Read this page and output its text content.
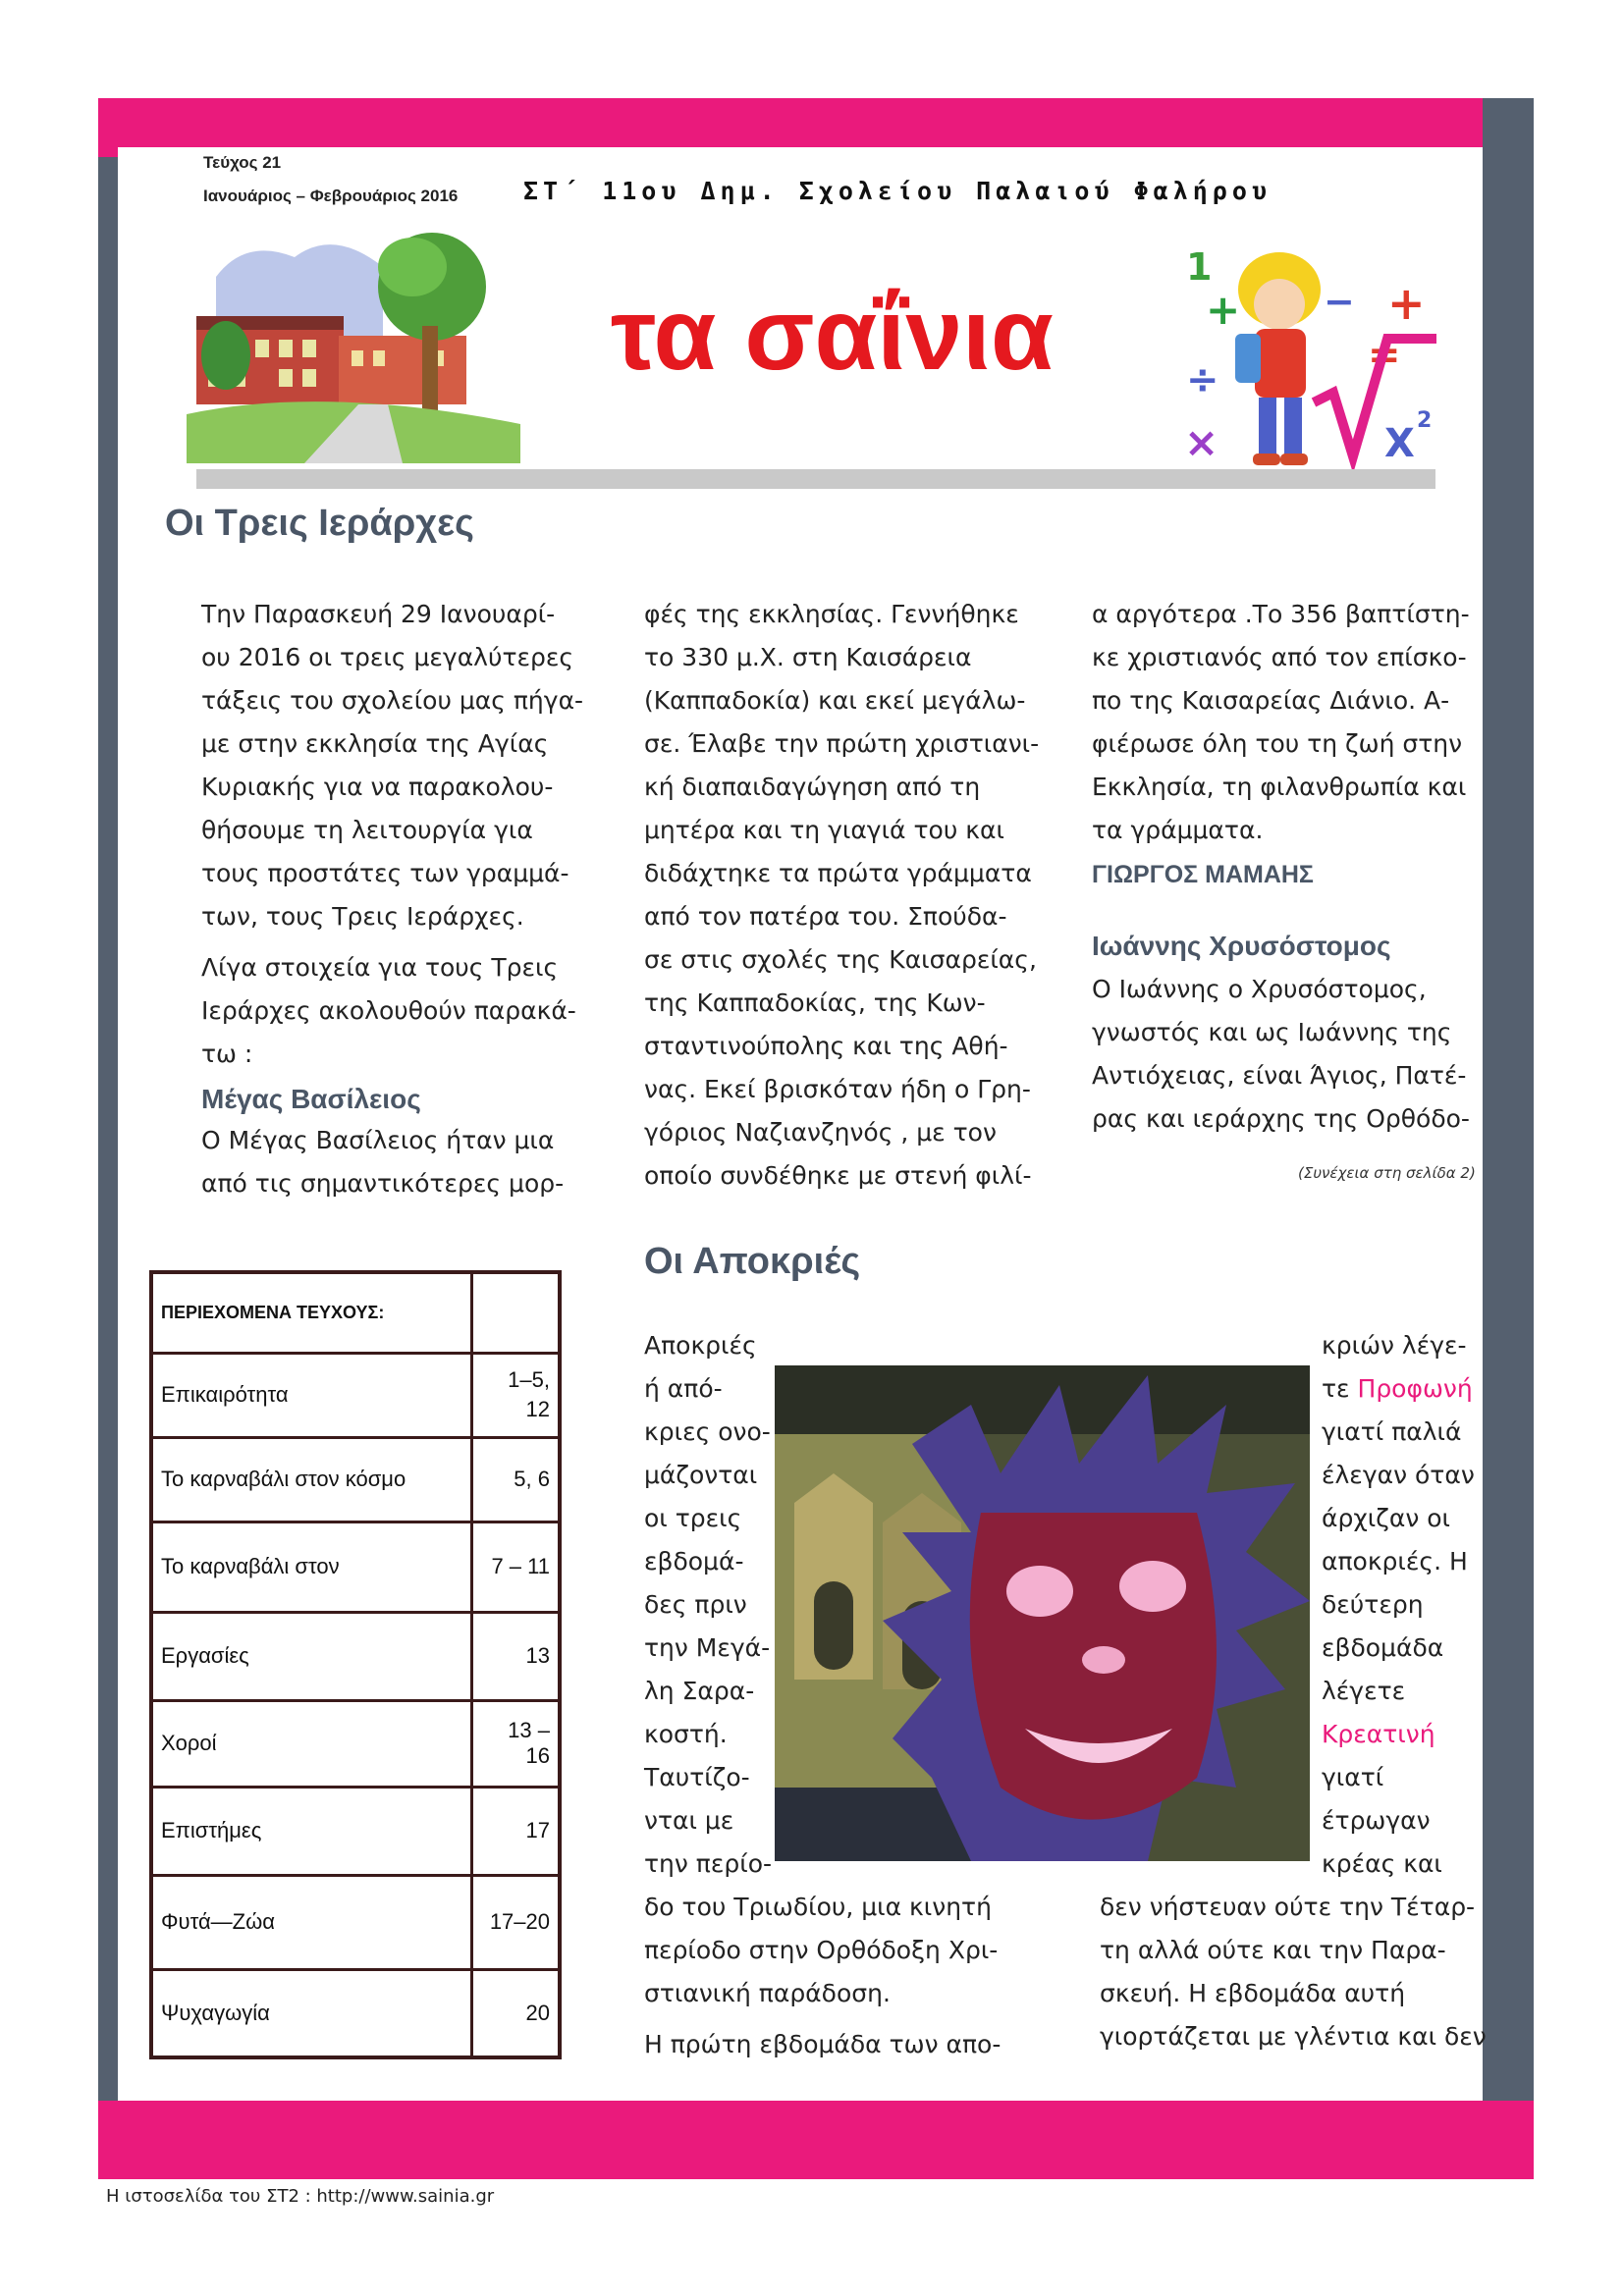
Τεύχος 21
Ιανουάριος – Φεβρουάριος 2016	ΣΤ΄ 11ου Δημ. Σχολείου Παλαιού Φαλήρου
τα σαΐνια
1
+
÷
×
+
=
−
X
2
Οι Τρεις Ιεράρχες
Την Παρασκευή 29 Ιανουαρί-
ου 2016 οι τρεις μεγαλύτερες
τάξεις του σχολείου μας πήγα-
με στην εκκλησία της Αγίας
Κυριακής για να παρακολου-
θήσουμε τη λειτουργία για
τους προστάτες των γραμμά-
των, τους Τρεις Ιεράρχες.
Λίγα στοιχεία για τους Τρεις
Ιεράρχες ακολουθούν παρακά-
τω :
Μέγας Βασίλειος
Ο Μέγας Βασίλειος ήταν μια
από τις σημαντικότερες μορ-
φές της εκκλησίας. Γεννήθηκε
το 330 μ.Χ. στη Καισάρεια
(Καππαδοκία) και εκεί μεγάλω-
σε. Έλαβε την πρώτη χριστιανι-
κή διαπαιδαγώγηση από τη
μητέρα και τη γιαγιά του και
διδάχτηκε τα πρώτα γράμματα
από τον πατέρα του. Σπούδα-
σε στις σχολές της Καισαρείας,
της Καππαδοκίας, της Κων-
σταντινούπολης και της Αθή-
νας. Εκεί βρισκόταν ήδη ο Γρη-
γόριος Ναζιανζηνός , με τον
οποίο συνδέθηκε με στενή φιλί-
α αργότερα .Το 356 βαπτίστη-
κε χριστιανός από τον επίσκο-
πο της Καισαρείας Διάνιο. Α-
φιέρωσε όλη του τη ζωή στην
Εκκλησία, τη φιλανθρωπία και
τα γράμματα.
ΓΙΩΡΓΟΣ ΜΑΜΑΗΣ
Ιωάννης Χρυσόστομος
Ο Ιωάννης ο Χρυσόστομος,
γνωστός και ως Ιωάννης της
Αντιόχειας, είναι Άγιος, Πατέ-
ρας και ιεράρχης της Ορθόδο-
(Συνέχεια στη σελίδα 2)
ΠΕΡΙΕΧΟΜΕΝΑ ΤΕΥΧΟΥΣ:	
Επικαιρότητα	1–5,
12
Το καρναβάλι στον κόσμο	5, 6
Το καρναβάλι στον	7 – 11
Εργασίες	13
Χοροί	13 – 16
Επιστήμες	17
Φυτά—Ζώα	17–20
Ψυχαγωγία	20
Οι Αποκριές
Αποκριές
ή από-
κριες ονο-
μάζονται
οι τρεις
εβδομά-
δες πριν
την Μεγά-
λη Σαρα-
κοστή.
Ταυτίζο-
νται με
την περίο-
δο του Τριωδίου, μια κινητή
περίοδο στην Ορθόδοξη Χρι-
στιανική παράδοση.
Η πρώτη εβδομάδα των απο-
κριών λέγε-
τε Προφωνή
γιατί παλιά
έλεγαν όταν
άρχιζαν οι
αποκριές. Η
δεύτερη
εβδομάδα
λέγετε
Κρεατινή
γιατί
έτρωγαν
κρέας και
δεν νήστευαν ούτε την Τέταρ-
τη αλλά ούτε και την Παρα-
σκευή. Η εβδομάδα αυτή
γιορτάζεται με γλέντια και δεν
Η ιστοσελίδα του ΣΤ2 : http://www.sainia.gr
